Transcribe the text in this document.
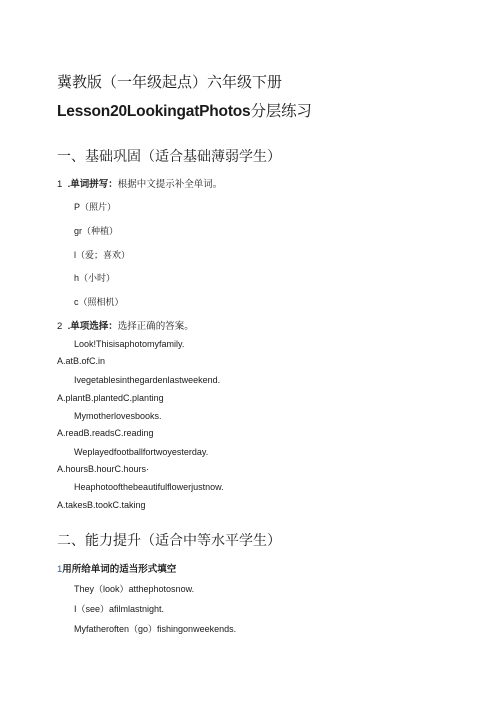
冀教版（一年级起点）六年级下册
Lesson20LookingatPhotos分层练习
一、基础巩固（适合基础薄弱学生）
1 .单词拼写：根据中文提示补全单词。
P（照片）
gr（种植）
l（爱；喜欢）
h（小时）
c（照相机）
2 .单项选择：选择正确的答案。
Look!Thisisaphotomyfamily.
A.atB.ofC.in
Ivegetablesinthegardenlastweekend.
A.plantB.plantedC.planting
Mymotherlovesbooks.
A.readB.readsC.reading
Weplayedfootballfortwoyesterday.
A.hoursB.hourC.hours·
Heaphotoofthebeautifulflowerjustnow.
A.takesB.tookC.taking
二、能力提升（适合中等水平学生）
1用所给单词的适当形式填空
They（look）atthephotosnow.
I（see）afilmlastnight.
Myfatheroften（go）fishingonweekends.
